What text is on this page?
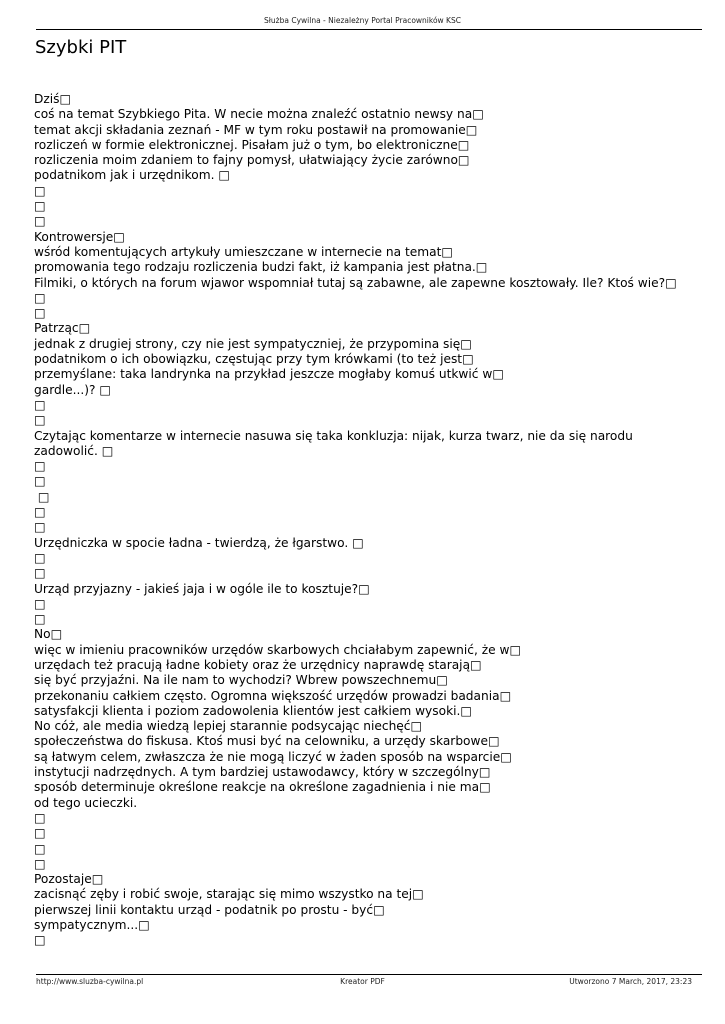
Służba Cywilna - Niezależny Portal Pracowników KSC
Szybki PIT
Dziś□
coś na temat Szybkiego Pita. W necie można znaleźć ostatnio newsy na□
temat akcji składania zeznań - MF w tym roku postawił na promowanie□
rozliczeń w formie elektronicznej. Pisałam już o tym, bo elektroniczne□
rozliczenia moim zdaniem to fajny pomysł, ułatwiający życie zarówno□
podatnikom jak i urzędnikom. □
□
□
□
Kontrowersje□
wśród komentujących artykuły umieszczane w internecie na temat□
promowania tego rodzaju rozliczenia budzi fakt, iż kampania jest płatna.□
Filmiki, o których na forum wjawor wspomniał tutaj są zabawne, ale zapewne kosztowały. Ile? Ktoś wie?□
□
□
Patrząc□
jednak z drugiej strony, czy nie jest sympatyczniej, że przypomina się□
podatnikom o ich obowiązku, częstując przy tym krówkami (to też jest□
przemyślane: taka landrynka na przykład jeszcze mogłaby komuś utkwić w□
gardle...)? □
□
□
Czytając komentarze w internecie nasuwa się taka konkluzja: nijak, kurza twarz, nie da się narodu
zadowolić. □
□
□
□
□
□
Urzędniczka w spocie ładna - twierdzą, że łgarstwo. □
□
□
Urząd przyjazny - jakieś jaja i w ogóle ile to kosztuje?□
□
□
No□
więc w imieniu pracowników urzędów skarbowych chciałabym zapewnić, że w□
urzędach też pracują ładne kobiety oraz że urzędnicy naprawdę starają□
się być przyjaźni. Na ile nam to wychodzi? Wbrew powszechnemu□
przekonaniu całkiem często. Ogromna większość urzędów prowadzi badania□
satysfakcji klienta i poziom zadowolenia klientów jest całkiem wysoki.□
No cóż, ale media wiedzą lepiej starannie podsycając niechęć□
społeczeństwa do fiskusa. Ktoś musi być na celowniku, a urzędy skarbowe□
są łatwym celem, zwłaszcza że nie mogą liczyć w żaden sposób na wsparcie□
instytucji nadrzędnych. A tym bardziej ustawodawcy, który w szczególny□
sposób determinuje określone reakcje na określone zagadnienia i nie ma□
od tego ucieczki.
□
□
□
□
Pozostaje□
zacisnąć zęby i robić swoje, starając się mimo wszystko na tej□
pierwszej linii kontaktu urząd - podatnik po prostu - być□
sympatycznym...□
□
http://www.sluzba-cywilna.pl	Kreator PDF	Utworzono 7 March, 2017, 23:23
